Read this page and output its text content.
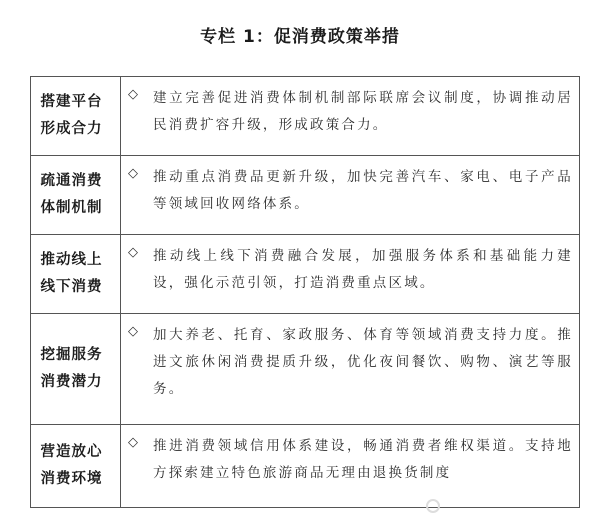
专栏 1：促消费政策举措
搭建平台形成合力
◇ 建立完善促进消费体制机制部际联席会议制度，协调推动居民消费扩容升级，形成政策合力。
疏通消费体制机制
◇ 推动重点消费品更新升级，加快完善汽车、家电、电子产品等领域回收网络体系。
推动线上线下消费
◇ 推动线上线下消费融合发展，加强服务体系和基础能力建设，强化示范引领，打造消费重点区域。
挖掘服务消费潜力
◇ 加大养老、托育、家政服务、体育等领域消费支持力度。推进文旅休闲消费提质升级，优化夜间餐饮、购物、演艺等服务。
营造放心消费环境
◇ 推进消费领域信用体系建设，畅通消费者维权渠道。支持地方探索建立特色旅游商品无理由退换货制度
